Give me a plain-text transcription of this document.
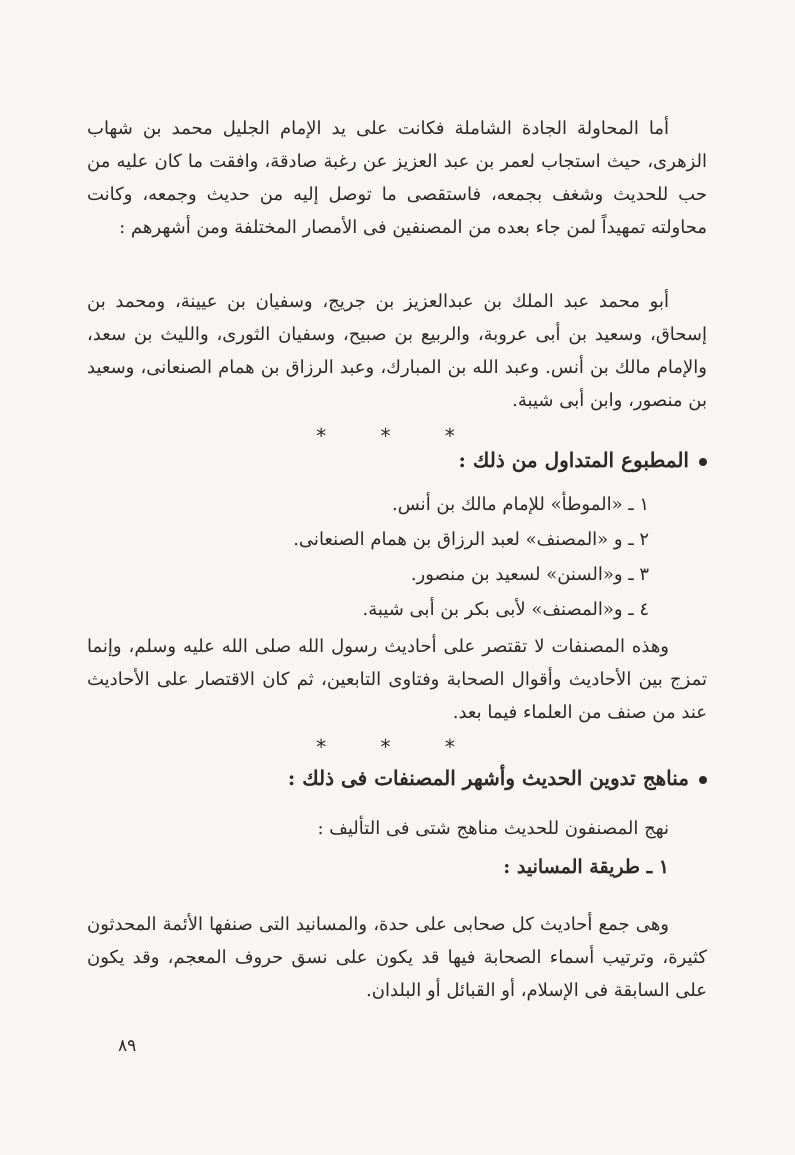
أما المحاولة الجادة الشاملة فكانت على يد الإمام الجليل محمد بن شهاب الزهرى، حيث استجاب لعمر بن عبد العزيز عن رغبة صادقة، وافقت ما كان عليه من حب للحديث وشغف بجمعه، فاستقصى ما توصل إليه من حديث وجمعه، وكانت محاولته تمهيداً لمن جاء بعده من المصنفين فى الأمصار المختلفة ومن أشهرهم :

أبو محمد عبد الملك بن عبدالعزيز بن جريج، وسفيان بن عيينة، ومحمد بن إسحاق، وسعيد بن أبى عروبة، والربيع بن صبيح، وسفيان الثورى، والليث بن سعد، والإمام مالك بن أنس. وعبد الله بن المبارك، وعبد الرزاق بن همام الصنعانى، وسعيد بن منصور، وابن أبى شيبة.

* * *
المطبوع المتداول من ذلك :
١ ـ «الموطأ» للإمام مالك بن أنس.
٢ ـ و «المصنف» لعبد الرزاق بن همام الصنعانى.
٣ ـ و«السنن» لسعيد بن منصور.
٤ ـ و«المصنف» لأبى بكر بن أبى شيبة.

وهذه المصنفات لا تقتصر على أحاديث رسول الله صلى الله عليه وسلم، وإنما تمزج بين الأحاديث وأقوال الصحابة وفتاوى التابعين، ثم كان الاقتصار على الأحاديث عند من صنف من العلماء فيما بعد.

* * *
مناهج تدوين الحديث وأشهر المصنفات فى ذلك :

نهج المصنفون للحديث مناهج شتى فى التأليف :

١ ـ طريقة المسانيد :

وهى جمع أحاديث كل صحابى على حدة، والمسانيد التى صنفها الأئمة المحدثون كثيرة، وترتيب أسماء الصحابة فيها قد يكون على نسق حروف المعجم، وقد يكون على السابقة فى الإسلام، أو القبائل أو البلدان.

٨٩
